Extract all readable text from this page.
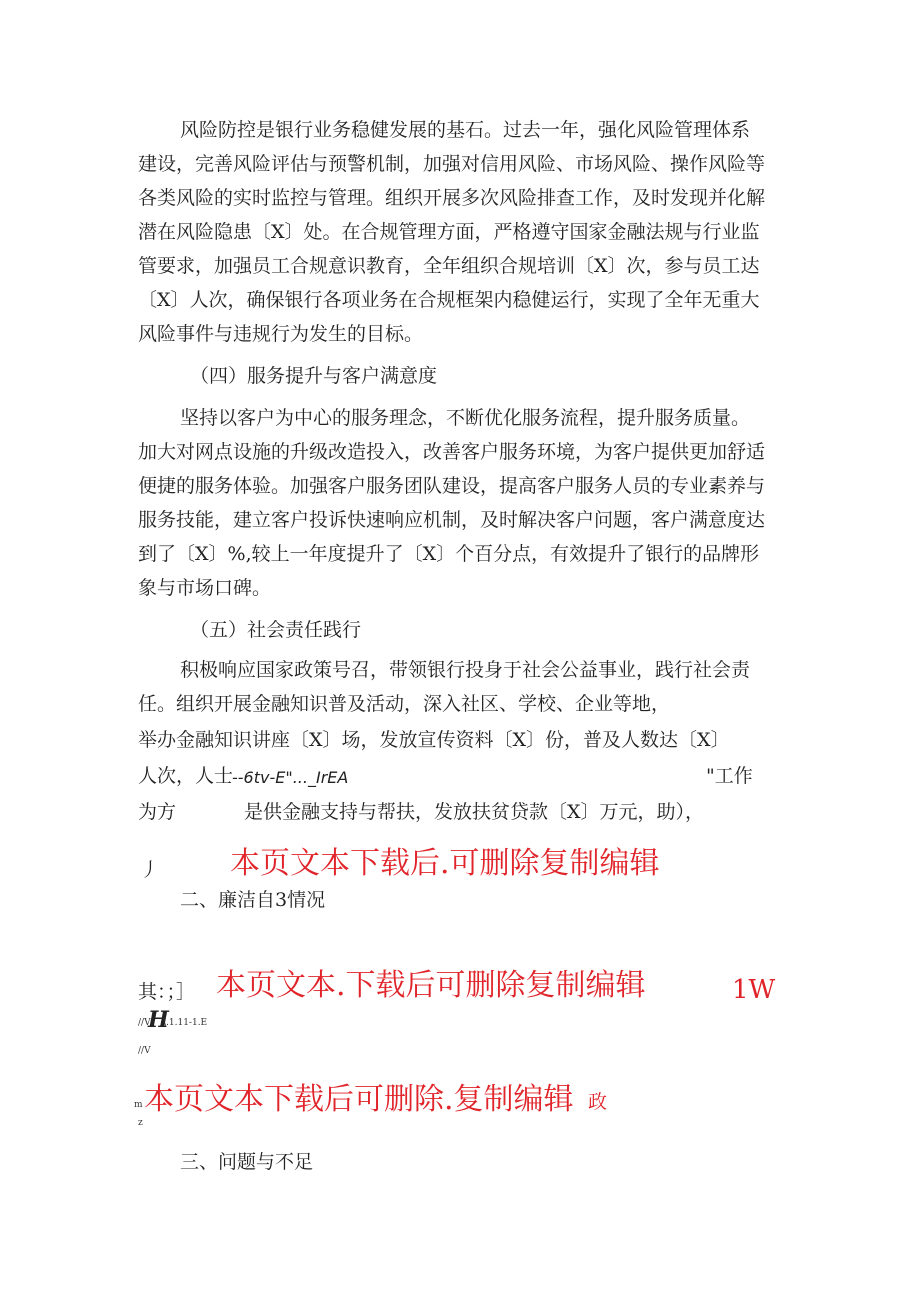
风险防控是银行业务稳健发展的基石。过去一年，强化风险管理体系
建设，完善风险评估与预警机制，加强对信用风险、市场风险、操作风险等
各类风险的实时监控与管理。组织开展多次风险排查工作，及时发现并化解
潜在风险隐患〔X〕处。在合规管理方面，严格遵守国家金融法规与行业监
管要求，加强员工合规意识教育，全年组织合规培训〔X〕次，参与员工达
〔X〕人次，确保银行各项业务在合规框架内稳健运行，实现了全年无重大
风险事件与违规行为发生的目标。
（四）服务提升与客户满意度
坚持以客户为中心的服务理念，不断优化服务流程，提升服务质量。
加大对网点设施的升级改造投入，改善客户服务环境，为客户提供更加舒适
便捷的服务体验。加强客户服务团队建设，提高客户服务人员的专业素养与
服务技能，建立客户投诉快速响应机制，及时解决客户问题，客户满意度达
到了〔X〕%,较上一年度提升了〔X〕个百分点，有效提升了银行的品牌形
象与市场口碑。
（五）社会责任践行
积极响应国家政策号召，带领银行投身于社会公益事业，践行社会责
任。组织开展金融知识普及活动，深入社区、学校、企业等地，
举办金融知识讲座〔X〕场，发放宣传资料〔X〕份，普及人数达〔X〕
人次，人士
--6tv-E"..._IrEA	"工作
为方	是供金融支持与帮扶，发放扶贫贷款〔X〕万元，助），
丿 本页文本下载后.可删除复制编辑
二、廉洁自3情况
其：；］ 本页文本.下载后可删除复制编辑	1W
//V
H
\.1.11-1.E
//V
m 本页文本下载后可删除.复制编辑 政
z
三、问题与不足
